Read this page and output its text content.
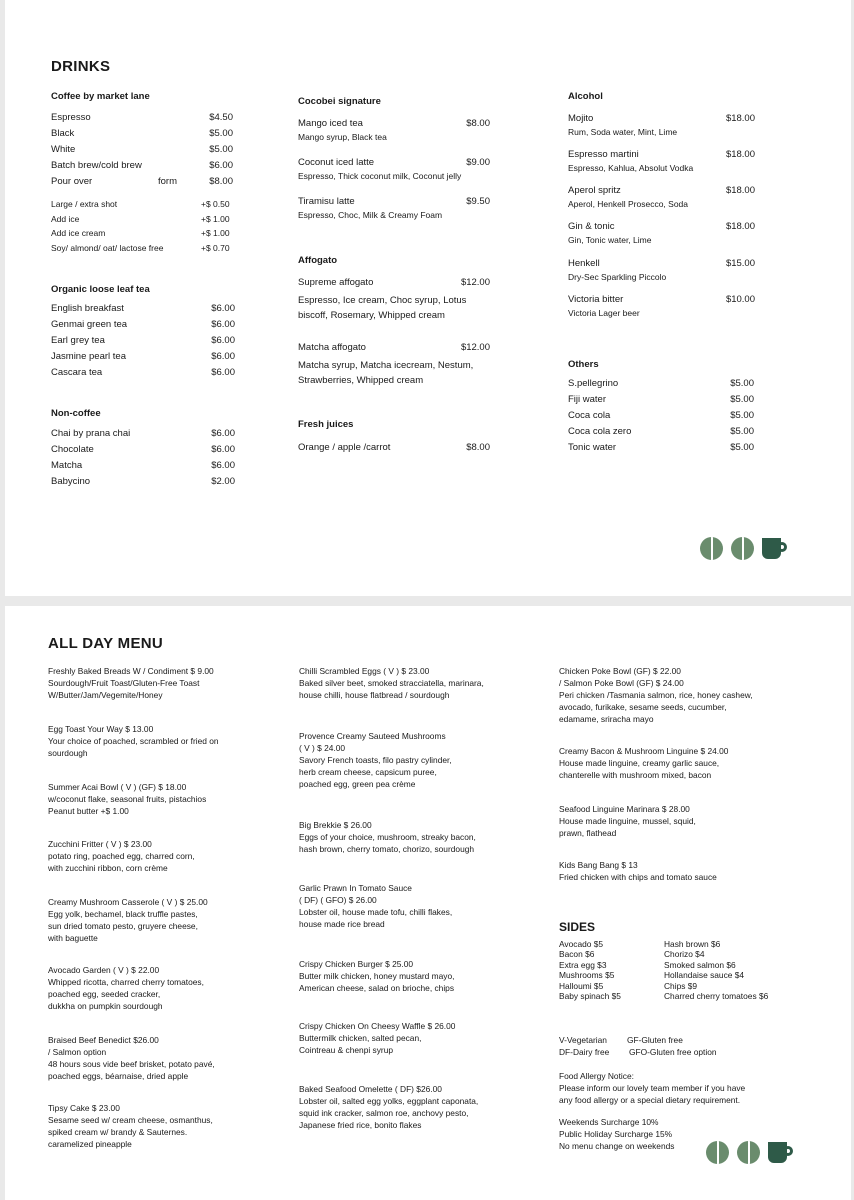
DRINKS
Coffee by market lane
Espresso	$4.50
Black	$5.00
White	$5.00
Batch brew/cold brew	$6.00
Pour over	form	$8.00
Large / extra shot	+$ 0.50
Add ice	+$ 1.00
Add ice cream	+$ 1.00
Soy/ almond/ oat/ lactose free	+$ 0.70
Organic loose leaf tea
English breakfast	$6.00
Genmai green tea	$6.00
Earl grey tea	$6.00
Jasmine pearl tea	$6.00
Cascara tea	$6.00
Non-coffee
Chai by prana chai	$6.00
Chocolate	$6.00
Matcha	$6.00
Babycino	$2.00
Cocobei signature
Mango iced tea	$8.00
Mango syrup, Black tea
Coconut iced latte	$9.00
Espresso, Thick coconut milk, Coconut jelly
Tiramisu latte	$9.50
Espresso, Choc, Milk & Creamy Foam
Affogato
Supreme affogato	$12.00
Espresso, Ice cream, Choc syrup, Lotus
biscoff, Rosemary, Whipped cream
Matcha affogato	$12.00
Matcha syrup, Matcha icecream, Nestum,
Strawberries, Whipped cream
Fresh juices
Orange / apple /carrot	$8.00
Alcohol
Mojito	$18.00
Rum, Soda water, Mint, Lime
Espresso martini	$18.00
Espresso, Kahlua, Absolut Vodka
Aperol spritz	$18.00
Aperol, Henkell Prosecco, Soda
Gin & tonic	$18.00
Gin, Tonic water, Lime
Henkell	$15.00
Dry-Sec Sparkling Piccolo
Victoria bitter	$10.00
Victoria Lager beer
Others
S.pellegrino	$5.00
Fiji water	$5.00
Coca cola	$5.00
Coca cola zero	$5.00
Tonic water	$5.00
ALL DAY MENU
Freshly Baked Breads W / Condiment $ 9.00
Sourdough/Fruit Toast/Gluten-Free Toast
W/Butter/Jam/Vegemite/Honey
Egg Toast Your Way $ 13.00
Your choice of poached, scrambled or fried on
sourdough
Summer Acai Bowl ( V ) (GF) $ 18.00
w/coconut flake, seasonal fruits, pistachios
Peanut butter +$ 1.00
Zucchini Fritter ( V ) $ 23.00
potato ring, poached egg, charred corn,
with zucchini ribbon, corn crème
Creamy Mushroom Casserole ( V ) $ 25.00
Egg yolk, bechamel, black truffle pastes,
sun dried tomato pesto, gruyere cheese,
with baguette
Avocado Garden ( V ) $ 22.00
Whipped ricotta, charred cherry tomatoes,
poached egg, seeded cracker,
dukkha on pumpkin sourdough
Braised Beef Benedict $26.00
/ Salmon option
48 hours sous vide beef brisket, potato pavé,
poached eggs, béarnaise, dried apple
Tipsy Cake $ 23.00
Sesame seed w/ cream cheese, osmanthus,
spiked cream w/ brandy & Sauternes.
caramelized pineapple
Chilli Scrambled Eggs ( V ) $ 23.00
Baked silver beet, smoked stracciatella, marinara,
house chilli, house flatbread / sourdough
Provence Creamy Sauteed Mushrooms
( V ) $ 24.00
Savory French toasts, filo pastry cylinder,
herb cream cheese, capsicum puree,
poached egg, green pea crème
Big Brekkie $ 26.00
Eggs of your choice, mushroom, streaky bacon,
hash brown, cherry tomato, chorizo, sourdough
Garlic Prawn In Tomato Sauce
( DF) ( GFO) $ 26.00
Lobster oil, house made tofu, chilli flakes,
house made rice bread
Crispy Chicken Burger $ 25.00
Butter milk chicken, honey mustard mayo,
American cheese, salad on brioche, chips
Crispy Chicken On Cheesy Waffle $ 26.00
Buttermilk chicken, salted pecan,
Cointreau & chenpi syrup
Baked Seafood Omelette ( DF) $26.00
Lobster oil, salted egg yolks, eggplant caponata,
squid ink cracker, salmon roe, anchovy pesto,
Japanese fried rice, bonito flakes
Chicken Poke Bowl (GF) $ 22.00
/ Salmon Poke Bowl (GF) $ 24.00
Peri chicken /Tasmania salmon, rice, honey cashew,
avocado, furikake, sesame seeds, cucumber,
edamame, sriracha mayo
Creamy Bacon & Mushroom Linguine $ 24.00
House made linguine, creamy garlic sauce,
chanterelle with mushroom mixed, bacon
Seafood Linguine Marinara $ 28.00
House made linguine, mussel, squid,
prawn, flathead
Kids Bang Bang $ 13
Fried chicken with chips and tomato sauce
SIDES
Avocado $5
Bacon $6
Extra egg $3
Mushrooms $5
Halloumi $5
Baby spinach $5
Hash brown $6
Chorizo $4
Smoked salmon $6
Hollandaise sauce $4
Chips $9
Charred cherry tomatoes $6
V-Vegetarian GF-Gluten free
DF-Dairy free GFO-Gluten free option
Food Allergy Notice:
Please inform our lovely team member if you have
any food allergy or a special dietary requirement.
Weekends Surcharge 10%
Public Holiday Surcharge 15%
No menu change on weekends
